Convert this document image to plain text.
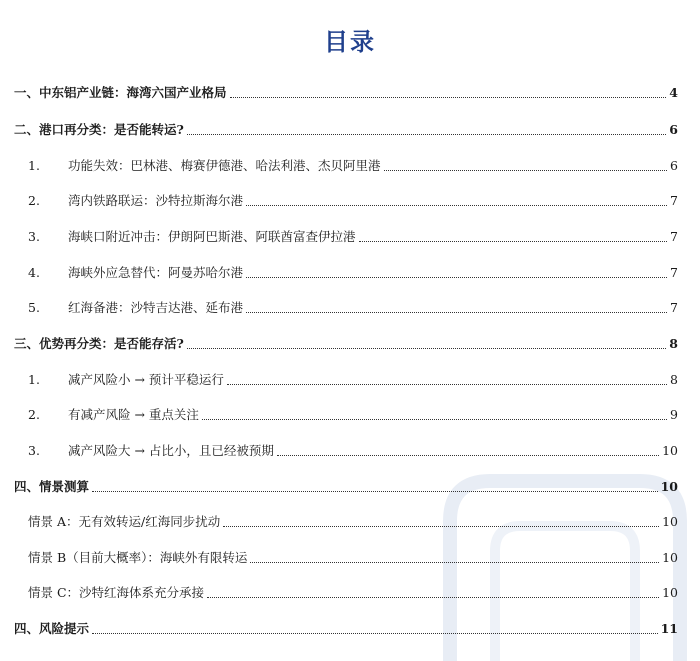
目录
一、 中东铝产业链：海湾六国产业格局	4
二、 港口再分类：是否能转运?	6
1.	功能失效：巴林港、梅赛伊德港、哈法利港、杰贝阿里港	6
2.	湾内铁路联运：沙特拉斯海尔港	7
3.	海峡口附近冲击：伊朗阿巴斯港、阿联酋富查伊拉港	7
4.	海峡外应急替代：阿曼苏哈尔港	7
5.	红海备港：沙特吉达港、延布港	7
三、 优势再分类：是否能存活?	8
1.	减产风险小 → 预计平稳运行	8
2.	有减产风险 → 重点关注	9
3.	减产风险大 → 占比小，且已经被预期	10
四、 情景测算	10
情景 A：无有效转运/红海同步扰动	10
情景 B（目前大概率）：海峡外有限转运	10
情景 C：沙特红海体系充分承接	10
四、 风险提示	11
